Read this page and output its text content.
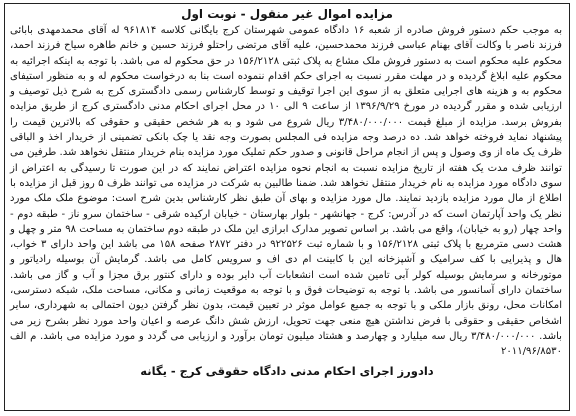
مزایده اموال غیر منقول - نوبت اول
به موجب حکم دستور فروش صادره از شعبه ۱۶ دادگاه عمومی شهرستان کرج بایگانی کلاسه ۹۶۱۸۱۴ له آقای محمدمهدی بابائی فرزند ناصر با وکالت آقای بهنام عباسی فرزند محمدحسین، علیه آقای مرتضی راحتلو فرزند حسین و خانم طاهره سیاح فرزند احمد، محکوم علیه محکوم است به دستور فروش ملک مشاع به پلاک ثبتی ۱۵۶/۲۱۲۸ در حق محکوم له می باشد. با توجه به اینکه اجرائیه به محکوم علیه ابلاغ گردیده و در مهلت مقرر نسبت به اجرای حکم اقدام ننموده است بنا به درخواست محکوم له و به منظور استیفای محکوم به و هزینه های اجرایی متعلق به از سوی این اجرا توقیف و توسط کارشناس رسمی دادگستری کرج به شرح ذیل توصیف و ارزیابی شده و مقرر گردیده در مورخ ۱۳۹۶/۹/۲۹ از ساعت ۹ الی ۱۰ در محل اجرای احکام مدنی دادگستری کرج از طریق مزایده بفروش برسد. مزایده از مبلغ قیمت ۳/۴۸۰/۰۰۰/۰۰۰ ریال شروع می شود و به هر شخص حقیقی و حقوقی که بالاترین قیمت را پیشنهاد نماید فروخته خواهد شد. ده درصد وجه مزایده فی المجلس بصورت وجه نقد یا چک بانکی تضمینی از خریدار اخذ و الباقی ظرف یک ماه از وی وصول و پس از انجام مراحل قانونی و صدور حکم تملیک مورد مزایده بنام خریدار منتقل نخواهد شد. طرفین می توانند ظرف مدت یک هفته از تاریخ مزایده نسبت به انجام نحوه مزایده اعتراض نمایند که در این صورت تا رسیدگی به اعتراض از سوی دادگاه مورد مزایده به نام خریدار منتقل نخواهد شد. ضمنا طالبین به شرکت در مزایده می توانند ظرف ۵ روز قبل از مزایده با اطلاع از مال مورد مزایده بازدید نمایند. مال مورد مزایده و بهای آن طبق نظر کارشناس بدین شرح است: موضوع ملک ملک مورد نظر یک واحد آپارتمان است که در آدرس: کرج - جهانشهر - بلوار بهارستان - خیابان ارکیده شرقی - ساختمان سرو ناز - طبقه دوم - واحد چهار (رو به خیابان)، واقع می باشد. بر اساس تصویر مدارک ابرازی این ملک در طبقه دوم ساختمان به مساحت ۹۸ متر و چهل و هشت دسی مترمربع با پلاک ثبتی ۱۵۶/۲۱۲۸ و با شماره ثبت ۹۲۲۵۲۶ در دفتر ۲۸۷۲ صفحه ۱۵۸ می باشد این واحد دارای ۳ خواب، هال و پذیرایی با کف سرامیک و آشپزخانه این با کابینت ام دی اف و سرویس کامل می باشد. گرمایش آن بوسیله رادیاتور و موتورخانه و سرمایش بوسیله کولر آبی تامین شده است انشعابات آب دایر بوده و دارای کنتور برق مجزا و آب و گاز می باشد. ساختمان دارای آسانسور می باشد. با توجه به توضیحات فوق و با توجه به موقعیت زمانی و مکانی، مساحت ملک، شبکه دسترسی، امکانات محل، رونق بازار ملکی و با توجه به جمیع عوامل موثر در تعیین قیمت، بدون نظر گرفتن دیون احتمالی به شهرداری، سایر اشخاص حقیقی و حقوقی با فرض نداشتن هیچ منعی جهت تحویل، ارزش شش دانگ عرصه و اعیان واحد مورد نظر بشرح زیر می باشد. ۳/۴۸۰/۰۰۰/۰۰۰ ریال سه میلیارد و چهارصد و هشتاد میلیون تومان برآورد و ارزیابی می گردد و مورد مزایده می باشد. م الف ۲۰۱۱/۹۶/۸۵۳۰
دادورز اجرای احکام مدنی دادگاه حقوقی کرج - یگانه
